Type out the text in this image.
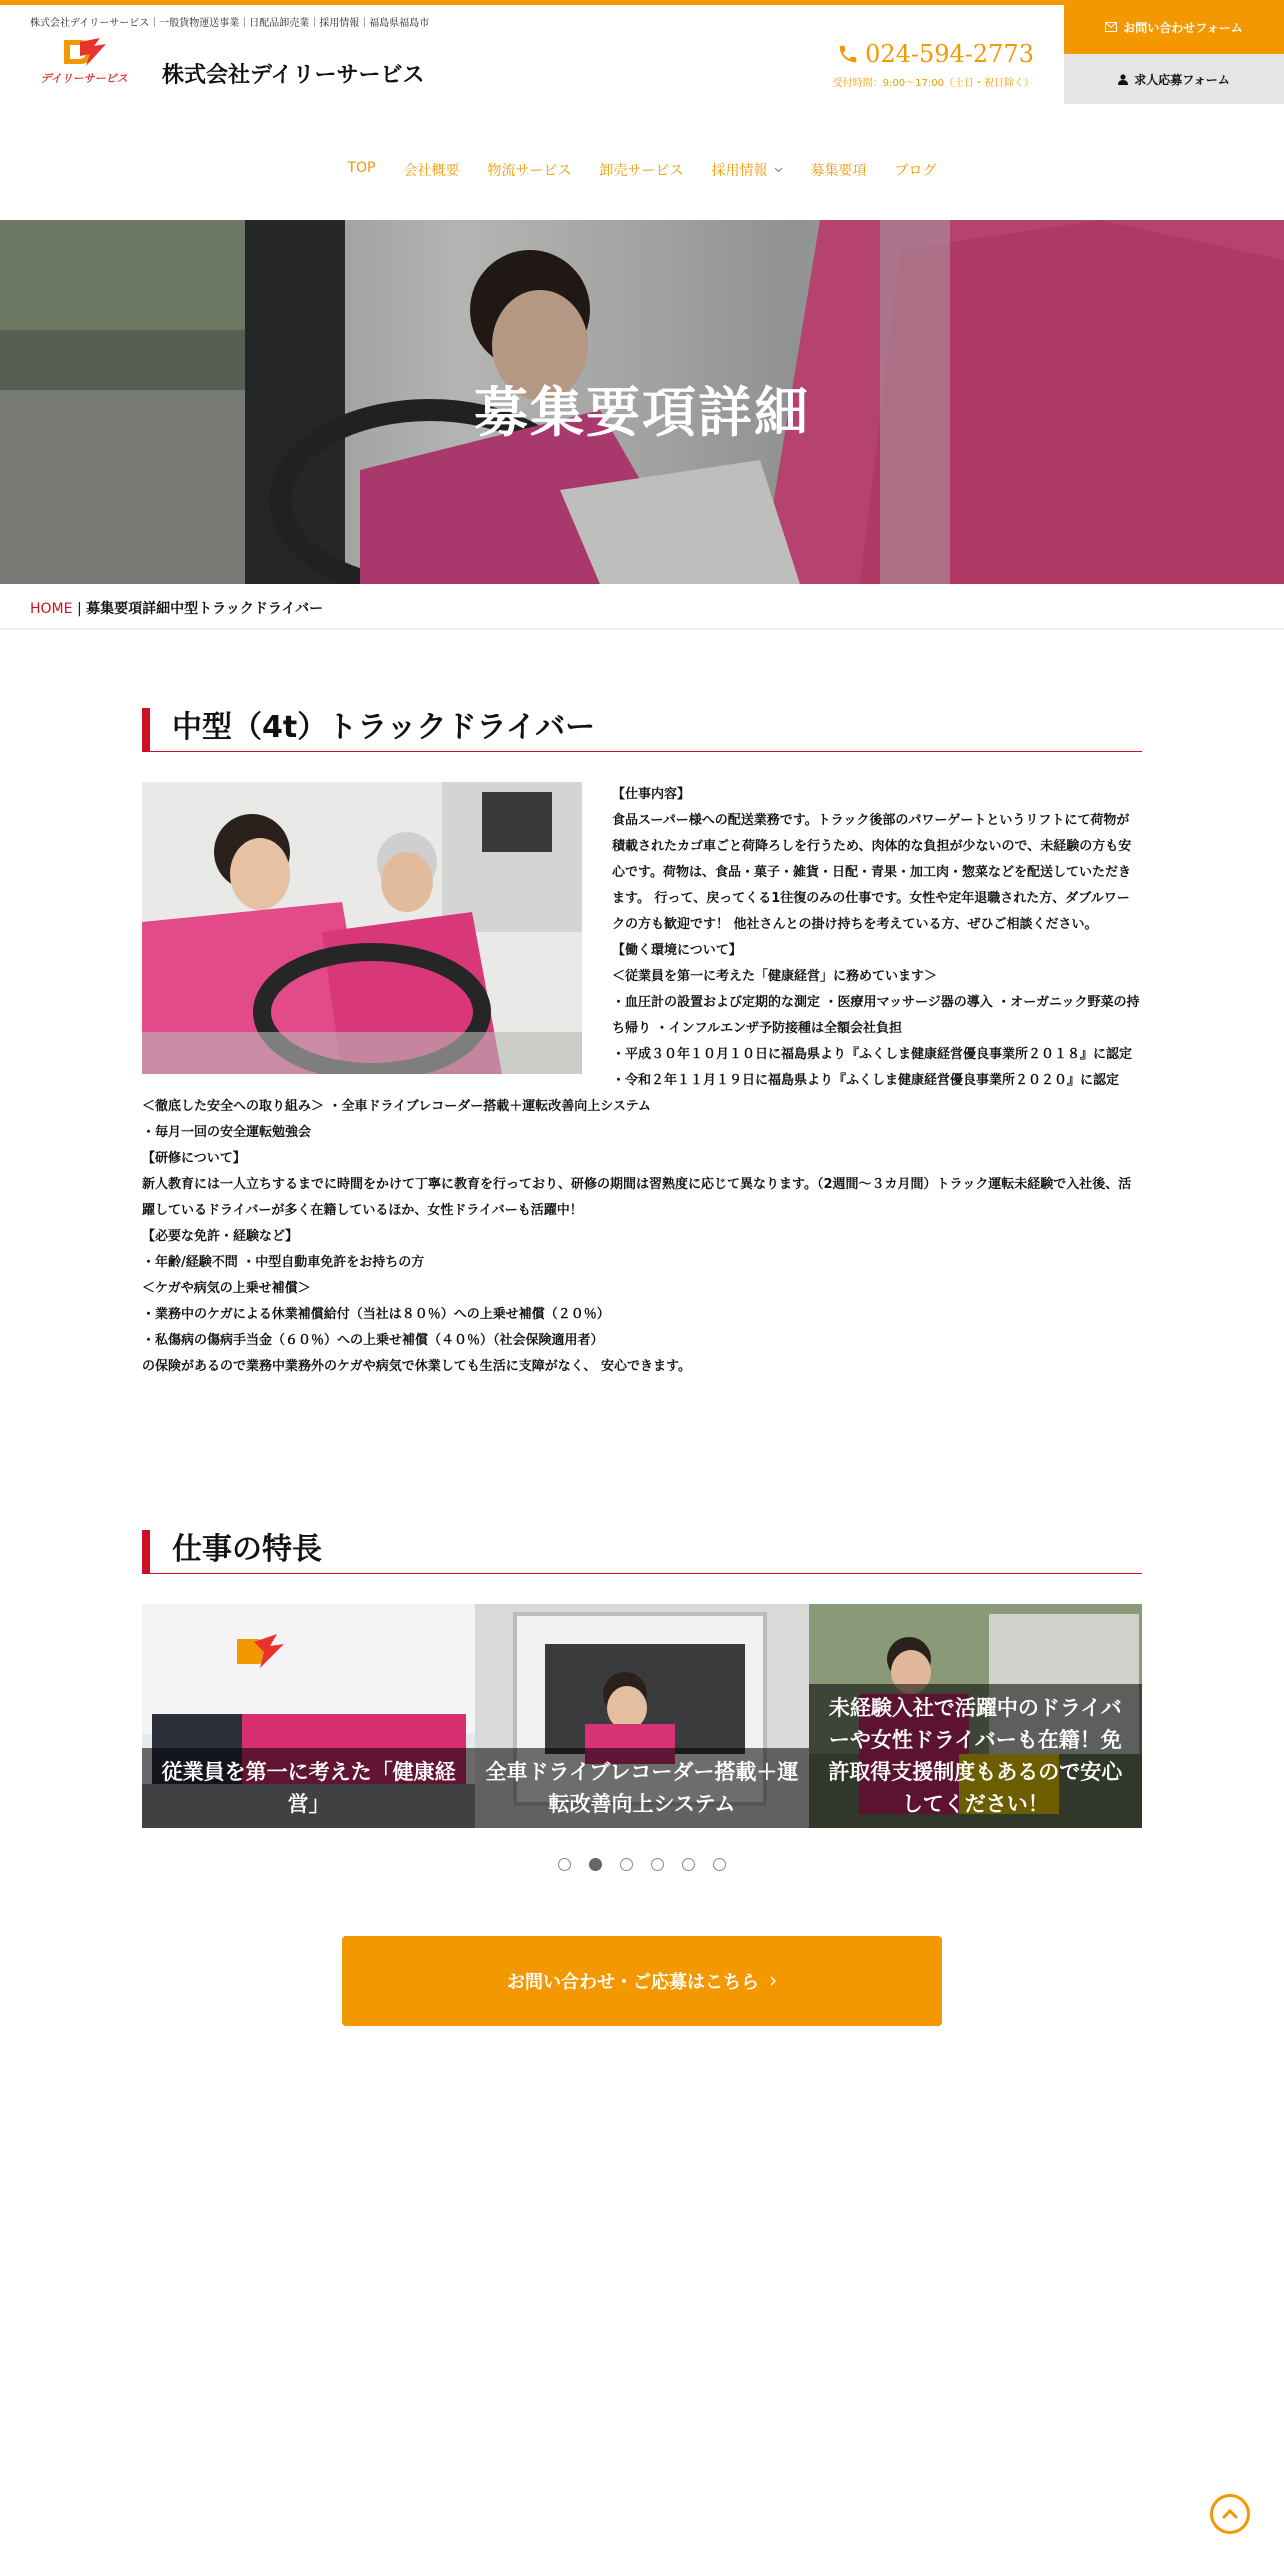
株式会社デイリーサービス｜一般貨物運送事業｜日配品卸売業｜採用情報｜福島県福島市
デイリーサービス 株式会社デイリーサービス
024-594-2773
受付時間：9:00～17:00（土日・祝日除く）
お問い合わせフォーム
求人応募フォーム
TOP 会社概要 物流サービス 卸売サービス 採用情報	募集要項 ブログ
募集要項詳細
HOME | 募集要項詳細中型トラックドライバー
中型（4t）トラックドライバー

【仕事内容】

食品スーパー様への配送業務です。トラック後部のパワーゲートというリフトにて荷物が積載されたカゴ車ごと荷降ろしを行うため、肉体的な負担が少ないので、未経験の方も安心です。荷物は、食品・菓子・雑貨・日配・青果・加工肉・惣菜などを配送していただきます。 行って、戻ってくる1往復のみの仕事です。女性や定年退職された方、ダブルワークの方も歓迎です！ 他社さんとの掛け持ちを考えている方、ぜひご相談ください。

【働く環境について】

＜従業員を第一に考えた「健康経営」に務めています＞

・血圧計の設置および定期的な測定 ・医療用マッサージ器の導入 ・オーガニック野菜の持ち帰り ・インフルエンザ予防接種は全額会社負担

・平成３０年１０月１０日に福島県より『ふくしま健康経営優良事業所２０１８』に認定

・令和２年１１月１９日に福島県より『ふくしま健康経営優良事業所２０２０』に認定

＜徹底した安全への取り組み＞ ・全車ドライブレコーダー搭載＋運転改善向上システム

・毎月一回の安全運転勉強会

【研修について】

新人教育には一人立ちするまでに時間をかけて丁寧に教育を行っており、研修の期間は習熟度に応じて異なります。（2週間～３カ月間）トラック運転未経験で入社後、活躍しているドライバーが多く在籍しているほか、女性ドライバーも活躍中！

【必要な免許・経験など】

・年齢/経験不問 ・中型自動車免許をお持ちの方

＜ケガや病気の上乗せ補償＞

・業務中のケガによる休業補償給付（当社は８０％）への上乗せ補償（２０％）

・私傷病の傷病手当金（６０％）への上乗せ補償（４０％）（社会保険適用者）

の保険があるので業務中業務外のケガや病気で休業しても生活に支障がなく、 安心できます。

仕事の特長
従業員を第一に考えた「健康経営」
全車ドライブレコーダー搭載＋運転改善向上システム
未経験入社で活躍中のドライバーや女性ドライバーも在籍！免許取得支援制度もあるので安心してください！
お問い合わせ・ご応募はこちら
